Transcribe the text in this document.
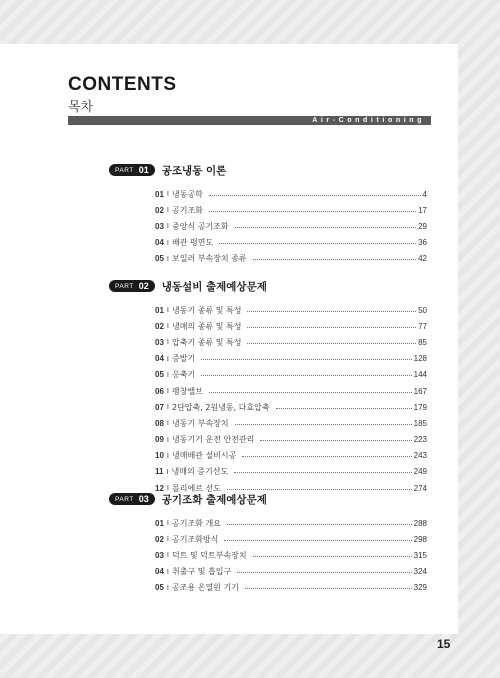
CONTENTS
목차
Air-Conditioning
PART 01 공조냉동 이론
01 I 냉동공학	4
02 I 공기조화	17
03 I 중앙식 공기조화	29
04 I 배관 평면도	36
05 I 보일러 부속장치 종류	42
PART 02 냉동설비 출제예상문제
01 I 냉동기 종류 및 특성	50
02 I 냉매의 종류 및 특성	77
03 I 압축기 종류 및 특성	85
04 I 증발기	128
05 I 응축기	144
06 I 팽창밸브	167
07 I 2단압축, 2원냉동, 다효압축	179
08 I 냉동기 부속장치	185
09 I 냉동기기 운전 안전관리	223
10 I 냉매배관 설비시공	243
11 I 냉매의 증기선도	249
12 I 몰리에르 선도	274
PART 03 공기조화 출제예상문제
01 I 공기조화 개요	288
02 I 공기조화방식	298
03 I 덕트 및 덕트부속장치	315
04 I 취출구 및 흡입구	324
05 I 공조용 온열원 기기	329
15
